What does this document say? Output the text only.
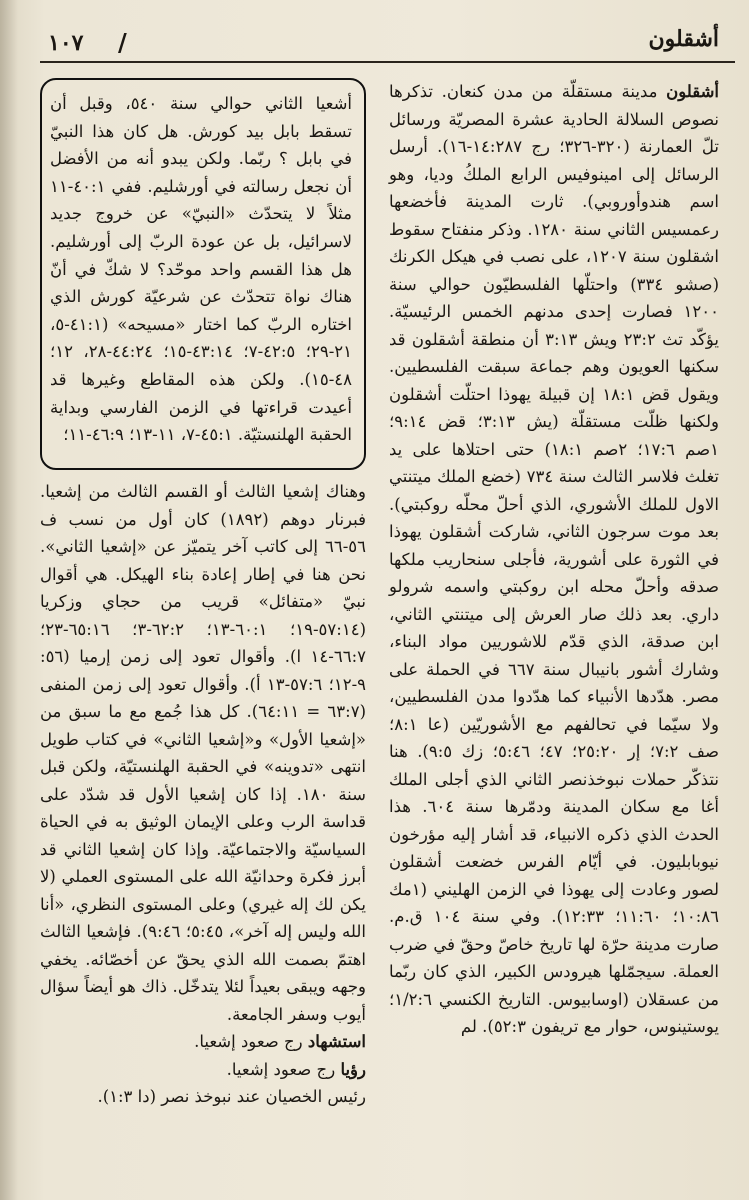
١٠٧ /	أشقلون

أشقلون مدينة مستقلّة من مدن كنعان. تذكرها نصوص السلالة الحادية عشرة المصريّة ورسائل تلّ العمارنة (٣٢٠-٣٢٦؛ رج ١٤:٢٨٧-١٦). أرسل الرسائل إلى امينوفيس الرابع الملكُ وديا، وهو اسم هندوأوروبي). ثارت المدينة فأخضعها رعمسيس الثاني سنة ١٢٨٠. وذكر منفتاح سقوط اشقلون سنة ١٢٠٧، على نصب في هيكل الكرنك (صشو ٣٣٤) واحتلّها الفلسطيّون حوالي سنة ١٢٠٠ فصارت إحدى مدنهم الخمس الرئيسيّة. يؤكّد تث ٢٣:٢ ويش ٣:١٣ أن منطقة أشقلون قد سكنها العويون وهم جماعة سبقت الفلسطيين. ويقول قض ١٨:١ إن قبيلة يهوذا احتلّت أشقلون ولكنها ظلّت مستقلّة (يش ٣:١٣؛ قض ٩:١٤؛ ١صم ١٧:٦؛ ٢صم ١٨:١) حتى احتلاها على يد تغلث فلاسر الثالث سنة ٧٣٤ (خضع الملك ميتنتي الاول للملك الأشوري، الذي أحلّ محلّه روكبتي). بعد موت سرجون الثاني، شاركت أشقلون يهوذا في الثورة على أشورية، فأجلى سنحاريب ملكها صدقه وأحلّ محله ابن روكبتي واسمه شرولو داري. بعد ذلك صار العرش إلى ميتنتي الثاني، ابن صدقة، الذي قدّم للاشوريين مواد البناء، وشارك أشور بانيبال سنة ٦٦٧ في الحملة على مصر. هدّدها الأنبياء كما هدّدوا مدن الفلسطيين، ولا سيّما في تحالفهم مع الأشوريّين (عا ٨:١؛ صف ٧:٢؛ إر ٢٥:٢٠؛ ٤٧؛ ٥:٤٦؛ زك ٩:٥). هنا نتذكّر حملات نبوخذنصر الثاني الذي أجلى الملك أغا مع سكان المدينة ودمّرها سنة ٦٠٤. هذا الحدث الذي ذكره الانبياء، قد أشار إليه مؤرخون نيوبابليون. في أيّام الفرس خضعت أشقلون لصور وعادت إلى يهوذا في الزمن الهليني (١مك ١٠:٨٦؛ ١١:٦٠؛ ١٢:٣٣). وفي سنة ١٠٤ ق.م. صارت مدينة حرّة لها تاريخ خاصّ وحقّ في ضرب العملة. سيجمّلها هيرودس الكبير، الذي كان ربّما من عسقلان (اوسابيوس. التاريخ الكنسي ١/٢:٦؛ يوستينوس، حوار مع تريفون ٥٢:٣). لم

أشعيا الثاني حوالي سنة ٥٤٠، وقبل أن تسقط بابل بيد كورش. هل كان هذا النبيّ في بابل ؟ ربّما. ولكن يبدو أنه من الأفضل أن نجعل رسالته في أورشليم. ففي ٤٠:١-١١ مثلاً لا يتحدّث «النبيّ» عن خروج جديد لاسرائيل، بل عن عودة الربّ إلى أورشليم. هل هذا القسم واحد موحّد؟ لا شكّ في أنّ هناك نواة تتحدّث عن شرعيّة كورش الذي اختاره الربّ كما اختار «مسيحه» (٤١:١-٥، ٢١-٢٩؛ ٤٢:٥-٧؛ ٤٣:١٤-١٥؛ ٤٤:٢٤-٢٨، ١٢؛٤٨-١٥). ولكن هذه المقاطع وغيرها قد أعيدت قراءتها في الزمن الفارسي وبداية الحقبة الهلنستيّة. ٤٥:١-٧، ١١-١٣؛ ٤٦:٩-١١؛

وهناك إشعيا الثالث أو القسم الثالث من إشعيا. فبرنار دوهم (١٨٩٢) كان أول من نسب ف ٥٦-٦٦ إلى كاتب آخر يتميّز عن «إشعيا الثاني». نحن هنا في إطار إعادة بناء الهيكل. هي أقوال نبيّ «متفائل» قريب من حجاي وزكريا (٥٧:١٤-١٩؛ ٦٠:١-١٣؛ ٦٢:٢-٣؛ ٦٥:١٦-٢٣؛ ٦٦:٧-١٤ ا). وأقوال تعود إلى زمن إرميا (٥٦: ٩-١٢؛ ٥٧:٦-١٣ أ). وأقوال تعود إلى زمن المنفى (٦٣:٧ = ٦٤:١١). كل هذا جُمع مع ما سبق من «إشعيا الأول» و«إشعيا الثاني» في كتاب طويل انتهى «تدوينه» في الحقبة الهلنستيّة، ولكن قبل سنة ١٨٠. إذا كان إشعيا الأول قد شدّد على قداسة الرب وعلى الإيمان الوثيق به في الحياة السياسيّة والاجتماعيّة. وإذا كان إشعيا الثاني قد أبرز فكرة وحدانيّة الله على المستوى العملي (لا يكن لك إله غيري) وعلى المستوى النظري، «أنا الله وليس إله آخر»، ٥:٤٥؛ ٩:٤٦). فإشعيا الثالث اهتمّ بصمت الله الذي يحقّ عن أخصّائه. يخفي وجهه ويبقى بعيداً لئلا يتدخّل. ذاك هو أيضاً سؤال أيوب وسفر الجامعة.

استشهاد رج صعود إشعيا.

رؤيا رج صعود إشعيا.

رئيس الخصيان عند نبوخذ نصر (دا ١:٣).
